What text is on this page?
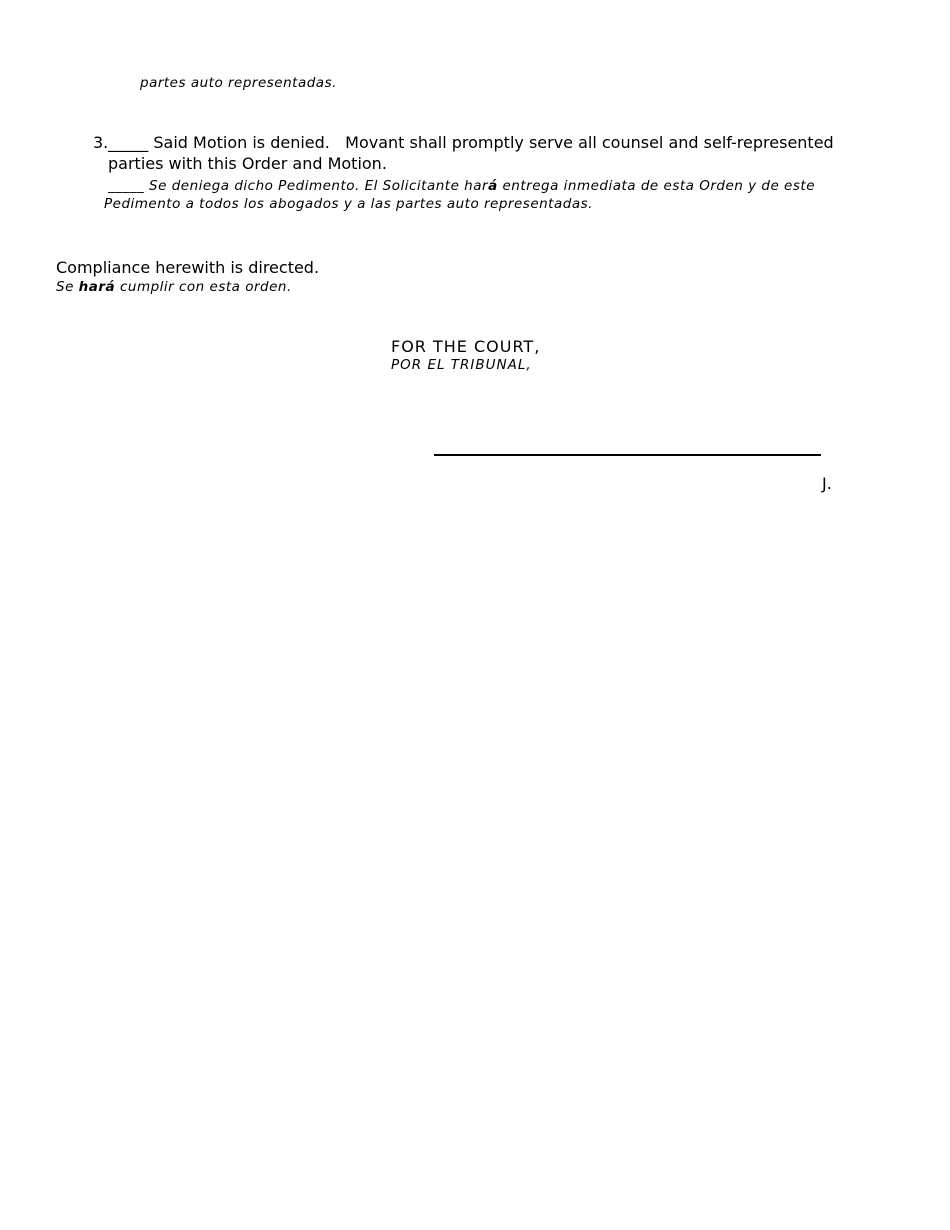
partes auto representadas.
3._____ Said Motion is denied.   Movant shall promptly serve all counsel and self-represented
parties with this Order and Motion.
_____ Se deniega dicho Pedimento. El Solicitante hará entrega inmediata de esta Orden y de este
Pedimento a todos los abogados y a las partes auto representadas.
Compliance herewith is directed.
Se hará cumplir con esta orden.
FOR THE COURT,
POR EL TRIBUNAL,
J.
